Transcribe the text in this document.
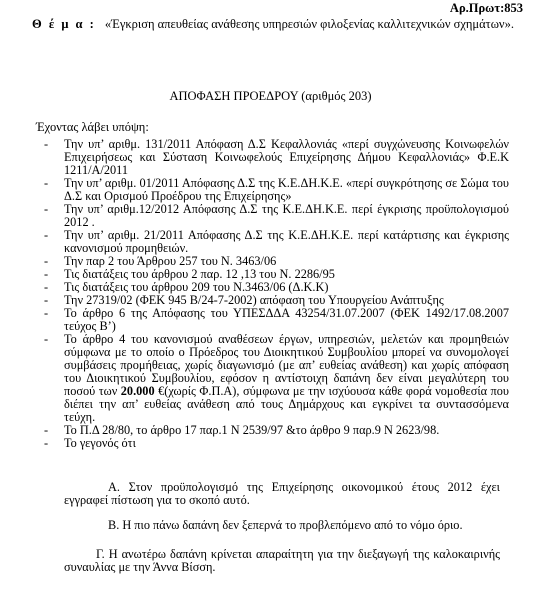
Αρ.Πρωτ:853
Θ έ μ α : «Έγκριση απευθείας ανάθεσης υπηρεσιών φιλοξενίας καλλιτεχνικών σχημάτων».
ΑΠΟΦΑΣΗ ΠΡΟΕΔΡΟΥ (αριθμός 203)
Έχοντας λάβει υπόψη:
- Την υπ’ αριθμ. 131/2011 Απόφαση Δ.Σ Κεφαλλονιάς «περί συγχώνευσης Κοινωφελών Επιχειρήσεως και Σύσταση Κοινωφελούς Επιχείρησης Δήμου Κεφαλλονιάς» Φ.Ε.Κ 1211/Α/2011
- Την υπ’ αριθμ. 01/2011 Απόφασης Δ.Σ της Κ.Ε.ΔΗ.Κ.Ε. «περί συγκρότησης σε Σώμα του Δ.Σ και Ορισμού Προέδρου της Επιχείρησης»
- Την υπ’ αριθμ.12/2012 Απόφασης Δ.Σ της Κ.Ε.ΔΗ.Κ.Ε. περί έγκρισης προϋπολογισμού 2012 .
- Την υπ’ αριθμ. 21/2011 Απόφασης Δ.Σ της Κ.Ε.ΔΗ.Κ.Ε. περί κατάρτισης και έγκρισης κανονισμού προμηθειών.
- Την παρ 2 του Άρθρου 257 του Ν. 3463/06
- Τις διατάξεις του άρθρου 2 παρ. 12 ,13 του Ν. 2286/95
- Τις διατάξεις του άρθρου 209 του Ν.3463/06 (Δ.Κ.Κ)
- Την 27319/02 (ΦΕΚ 945 Β/24-7-2002) απόφαση του Υπουργείου Ανάπτυξης
- Το άρθρο 6 της Απόφασης του ΥΠΕΣΔΔΑ 43254/31.07.2007 (ΦΕΚ 1492/17.08.2007 τεύχος Β’)
- Το άρθρο 4 του κανονισμού αναθέσεων έργων, υπηρεσιών, μελετών και προμηθειών σύμφωνα με το οποίο ο Πρόεδρος του Διοικητικού Συμβουλίου μπορεί να συνομολογεί συμβάσεις προμήθειας, χωρίς διαγωνισμό (με απ’ ευθείας ανάθεση) και χωρίς απόφαση του Διοικητικού Συμβουλίου, εφόσον η αντίστοιχη δαπάνη δεν είναι μεγαλύτερη του ποσού των 20.000 €(χωρίς Φ.Π.Α), σύμφωνα με την ισχύουσα κάθε φορά νομοθεσία που διέπει την απ’ ευθείας ανάθεση από τους Δημάρχους και εγκρίνει τα συντασσόμενα τεύχη.
- Το Π.Δ 28/80, το άρθρο 17 παρ.1 Ν 2539/97 &το άρθρο 9 παρ.9 Ν 2623/98.
- Το γεγονός ότι
Α. Στον προϋπολογισμό της Επιχείρησης οικονομικού έτους 2012 έχει εγγραφεί πίστωση για το σκοπό αυτό.
Β. Η πιο πάνω δαπάνη δεν ξεπερνά το προβλεπόμενο από το νόμο όριο.
Γ. Η ανωτέρω δαπάνη κρίνεται απαραίτητη για την διεξαγωγή της καλοκαιρινής συναυλίας με την Άννα Βίσση.
